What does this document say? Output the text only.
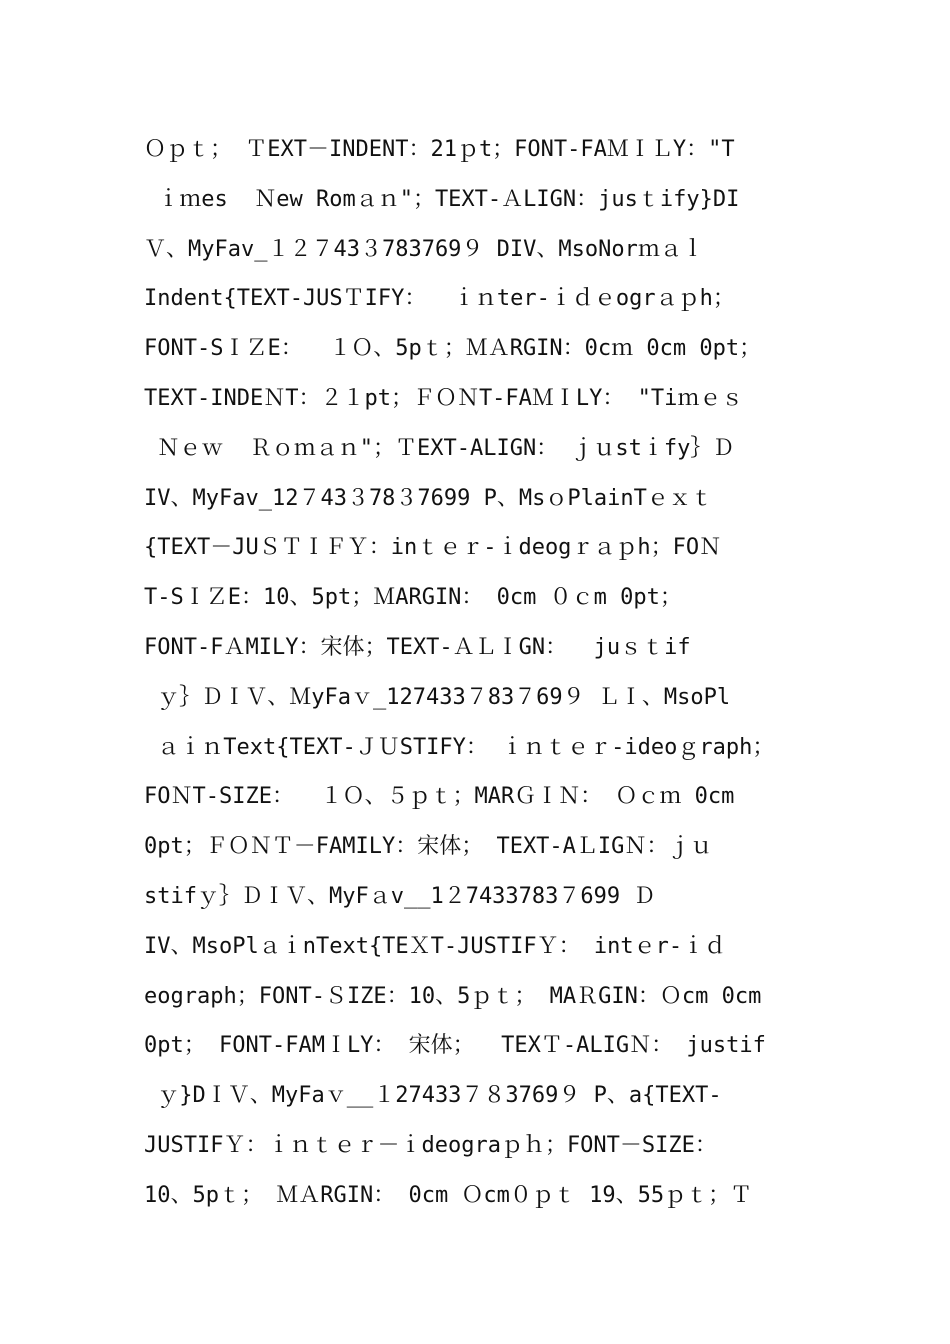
Ｏｐｔ； ＴEXT－INDENT：21ｐt；FONT-FAＭＩＬY："T
ｉｍes  Ｎew Romａｎ"；TEXT-ＡLIGN：jusｔify}DI
Ｖ、MyFav_１２７43３783769９ DIV、MsoNorｍａｌ
Indent{TEXT-JUSＴIFY：  ｉｎter-ｉｄｅogrａｐh；
FONT-SＩＺE：  １Ｏ、5pｔ；ＭＡRGIN：0cｍ 0cm 0pt；
TEXT-INDEＮT：２１pt；ＦＯＮT-FAＭＩLY： "Tiｍｅｓ
Ｎｅｗ  Ｒｏｍａｎ"；ＴEXT-ALIGN： ｊｕstｉfy｝Ｄ
IV、MyFav_12７43３78３7699 P、MsｏPlainTｅｘｔ
{TEXT－JUＳＴＩＦＹ：inｔｅｒ-ｉdeogｒａｐh；FOＮ
T-SＩＺE：10、5pt；ＭARGIN： 0cm ０ｃm 0pt；
FONT-FＡMILY：宋体；TEXT-ＡＬＩGN：  juｓｔif
ｙ｝ＤＩＶ、ＭyFaｖ_127433７83７69９ ＬＩ、MsoPl
ａｉｎText{TEXT-ＪＵSTIFY： ｉｎｔｅｒ-ideoｇraph；
FOＮT-SIZE：  １Ｏ、５ｐｔ；MARＧＩＮ： Ｏｃｍ 0cm
0pt；ＦＯＮＴ－FAMILY：宋体； TEXT-AＬIGＮ：ｊｕ
stifｙ｝ＤＩＶ、MyFａv__1２7433783７699 Ｄ
IV、MsoPlａｉnText{TEＸT-JUSTIFＹ： intｅr-ｉｄ
eograph；FONT-ＳIZE：10、5ｐｔ； MAＲGIN：Ｏcm 0cm
0pt； FONT-FAMＩLY： 宋体；  TEXＴ-ALIGＮ： justif
ｙ}DＩＶ、MyFaｖ__１27433７８3769９ P、a{TEXT-
JUSTIFＹ：ｉｎｔｅｒ－ｉdeograｐｈ；FONT－SIZE：
10、5pｔ； ＭＡRGIN： 0cm Ｏcm０ｐｔ 19、55ｐｔ；Ｔ
